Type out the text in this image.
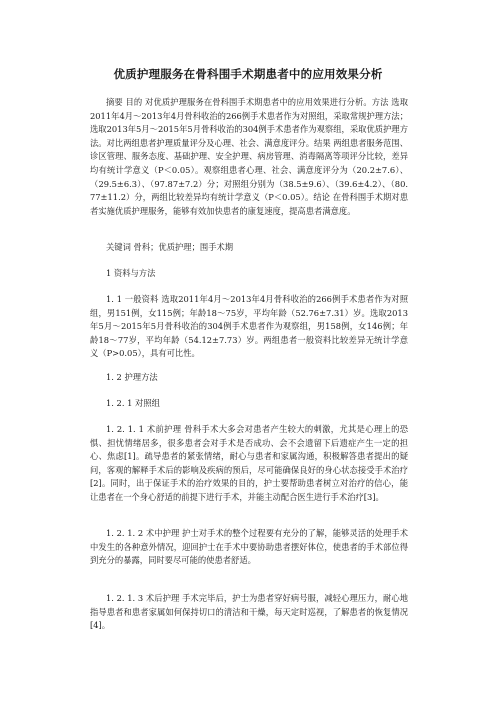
优质护理服务在骨科围手术期患者中的应用效果分析
摘要 目的 对优质护理服务在骨科围手术期患者中的应用效果进行分析。方法 选取2011年4月～2013年4月骨科收治的266例手术患者作为对照组，采取常规护理方法；选取2013年5月～2015年5月骨科收治的304例手术患者作为观察组，采取优质护理方法。对比两组患者护理质量评分及心理、社会、满意度评分。结果 两组患者服务范围、诊区管理、服务态度、基础护理、安全护理、病房管理、消毒隔离等项评分比较，差异均有统计学意义（P＜0.05）。观察组患者心理、社会、满意度评分为（20.2±7.6）、（29.5±6.3）、（97.87±7.2）分；对照组分别为（38.5±9.6）、（39.6±4.2）、（80.77±11.2）分，两组比较差异均有统计学意义（P＜0.05）。结论 在骨科围手术期对患者实施优质护理服务，能够有效加快患者的康复速度，提高患者满意度。
关键词 骨科；优质护理；围手术期
1 资料与方法
1. 1 一般资料 选取2011年4月～2013年4月骨科收治的266例手术患者作为对照组，男151例，女115例；年龄18～75岁，平均年龄（52.76±7.31）岁。选取2013年5月～2015年5月骨科收治的304例手术患者作为观察组，男158例，女146例；年龄18～77岁，平均年龄（54.12±7.73）岁。两组患者一般资料比较差异无统计学意义（P>0.05），具有可比性。
1. 2 护理方法
1. 2. 1 对照组
1. 2. 1. 1 术前护理 骨科手术大多会对患者产生较大的刺激，尤其是心理上的恐惧、担忧情绪居多，很多患者会对手术是否成功、会不会遗留下后遗症产生一定的担心、焦虑[1]。疏导患者的紧张情绪，耐心与患者和家属沟通，积极解答患者提出的疑问，客观的解释手术后的影响及疾病的预后，尽可能确保良好的身心状态接受手术治疗[2]。同时，出于保证手术的治疗效果的目的，护士要帮助患者树立对治疗的信心，能让患者在一个身心舒适的前提下进行手术，并能主动配合医生进行手术治疗[3]。
1. 2. 1. 2 术中护理 护士对手术的整个过程要有充分的了解，能够灵活的处理手术中发生的各种意外情况，迎回护士在手术中要协助患者摆好体位，使患者的手术部位得到充分的暴露，同时要尽可能的使患者舒适。
1. 2. 1. 3 术后护理 手术完毕后，护士为患者穿好病号服，减轻心理压力，耐心地指导患者和患者家属如何保持切口的清洁和干燥，每天定时巡视，了解患者的恢复情况[4]。
